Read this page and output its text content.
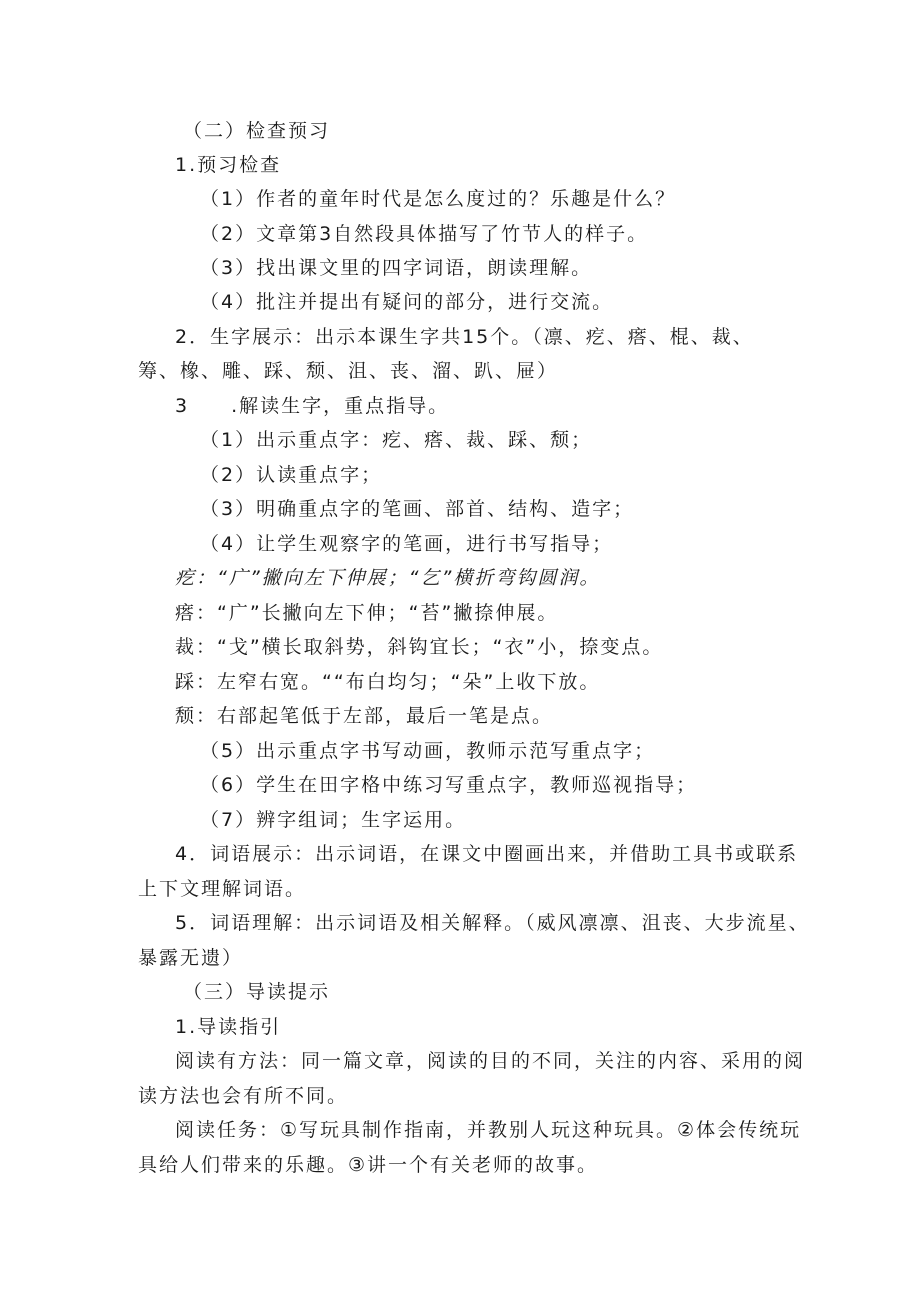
（二）检查预习
1.预习检查
（1）作者的童年时代是怎么度过的？乐趣是什么？
（2）文章第3自然段具体描写了竹节人的样子。
（3）找出课文里的四字词语，朗读理解。
（4）批注并提出有疑问的部分，进行交流。
2．生字展示：出示本课生字共15个。（凛、疙、瘩、棍、裁、
筹、橡、雕、踩、颓、沮、丧、溜、趴、屉）
3　　.解读生字，重点指导。
（1）出示重点字：疙、瘩、裁、踩、颓；
（2）认读重点字；
（3）明确重点字的笔画、部首、结构、造字；
（4）让学生观察字的笔画，进行书写指导；
疙：“广”撇向左下伸展；“乞”横折弯钩圆润。
瘩：“广”长撇向左下伸；“苔”撇捺伸展。
裁：“戈”横长取斜势，斜钩宜长；“衣”小，捺变点。
踩：左窄右宽。““布白均匀；“朵”上收下放。
颓：右部起笔低于左部，最后一笔是点。
（5）出示重点字书写动画，教师示范写重点字；
（6）学生在田字格中练习写重点字，教师巡视指导；
（7）辨字组词；生字运用。
4．词语展示：出示词语，在课文中圈画出来，并借助工具书或联系
上下文理解词语。
5．词语理解：出示词语及相关解释。（威风凛凛、沮丧、大步流星、
暴露无遗）
（三）导读提示
1.导读指引
阅读有方法：同一篇文章，阅读的目的不同，关注的内容、采用的阅
读方法也会有所不同。
阅读任务：①写玩具制作指南，并教别人玩这种玩具。②体会传统玩
具给人们带来的乐趣。③讲一个有关老师的故事。
